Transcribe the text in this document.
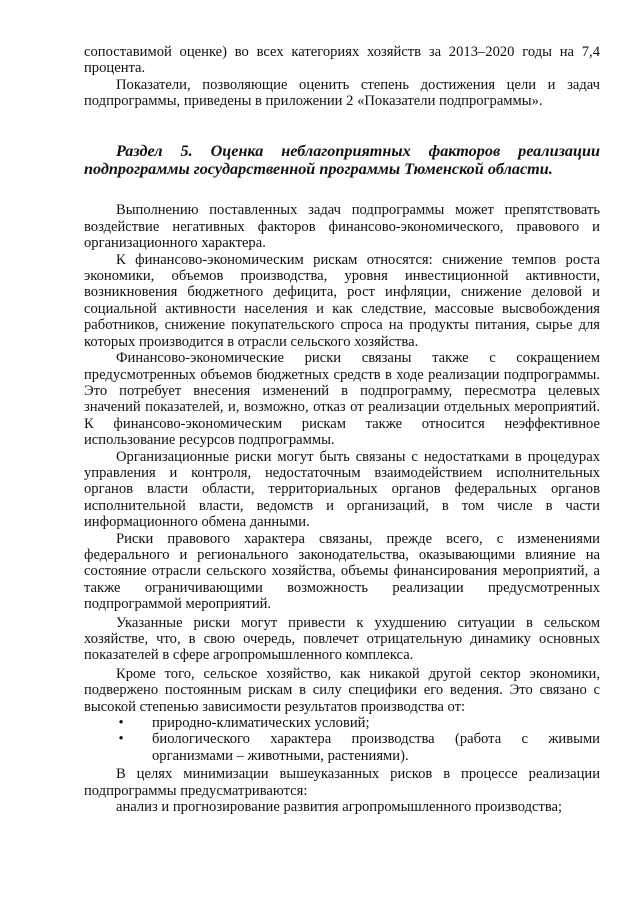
сопоставимой оценке) во всех категориях хозяйств за 2013–2020 годы на 7,4 процента.

Показатели, позволяющие оценить степень достижения цели и задач подпрограммы, приведены в приложении 2 «Показатели подпрограммы».

Раздел 5. Оценка неблагоприятных факторов реализации подпрограммы государственной программы Тюменской области.

Выполнению поставленных задач подпрограммы может препятствовать воздействие негативных факторов финансово-экономического, правового и организационного характера.

К финансово-экономическим рискам относятся: снижение темпов роста экономики, объемов производства, уровня инвестиционной активности, возникновения бюджетного дефицита, рост инфляции, снижение деловой и социальной активности населения и как следствие, массовые высвобождения работников, снижение покупательского спроса на продукты питания, сырье для которых производится в отрасли сельского хозяйства.

Финансово-экономические риски связаны также с сокращением предусмотренных объемов бюджетных средств в ходе реализации подпрограммы. Это потребует внесения изменений в подпрограмму, пересмотра целевых значений показателей, и, возможно, отказ от реализации отдельных мероприятий. К финансово-экономическим рискам также относится неэффективное использование ресурсов подпрограммы.

Организационные риски могут быть связаны с недостатками в процедурах управления и контроля, недостаточным взаимодействием исполнительных органов власти области, территориальных органов федеральных органов исполнительной власти, ведомств и организаций, в том числе в части информационного обмена данными.

Риски правового характера связаны, прежде всего, с изменениями федерального и регионального законодательства, оказывающими влияние на состояние отрасли сельского хозяйства, объемы финансирования мероприятий, а также ограничивающими возможность реализации предусмотренных подпрограммой мероприятий.

Указанные риски могут привести к ухудшению ситуации в сельском хозяйстве, что, в свою очередь, повлечет отрицательную динамику основных показателей в сфере агропромышленного комплекса.

Кроме того, сельское хозяйство, как никакой другой сектор экономики, подвержено постоянным рискам в силу специфики его ведения. Это связано с высокой степенью зависимости результатов производства от:

• природно-климатических условий;
• биологического характера производства (работа с живыми организмами – животными, растениями).

В целях минимизации вышеуказанных рисков в процессе реализации подпрограммы предусматриваются:

анализ и прогнозирование развития агропромышленного производства;
